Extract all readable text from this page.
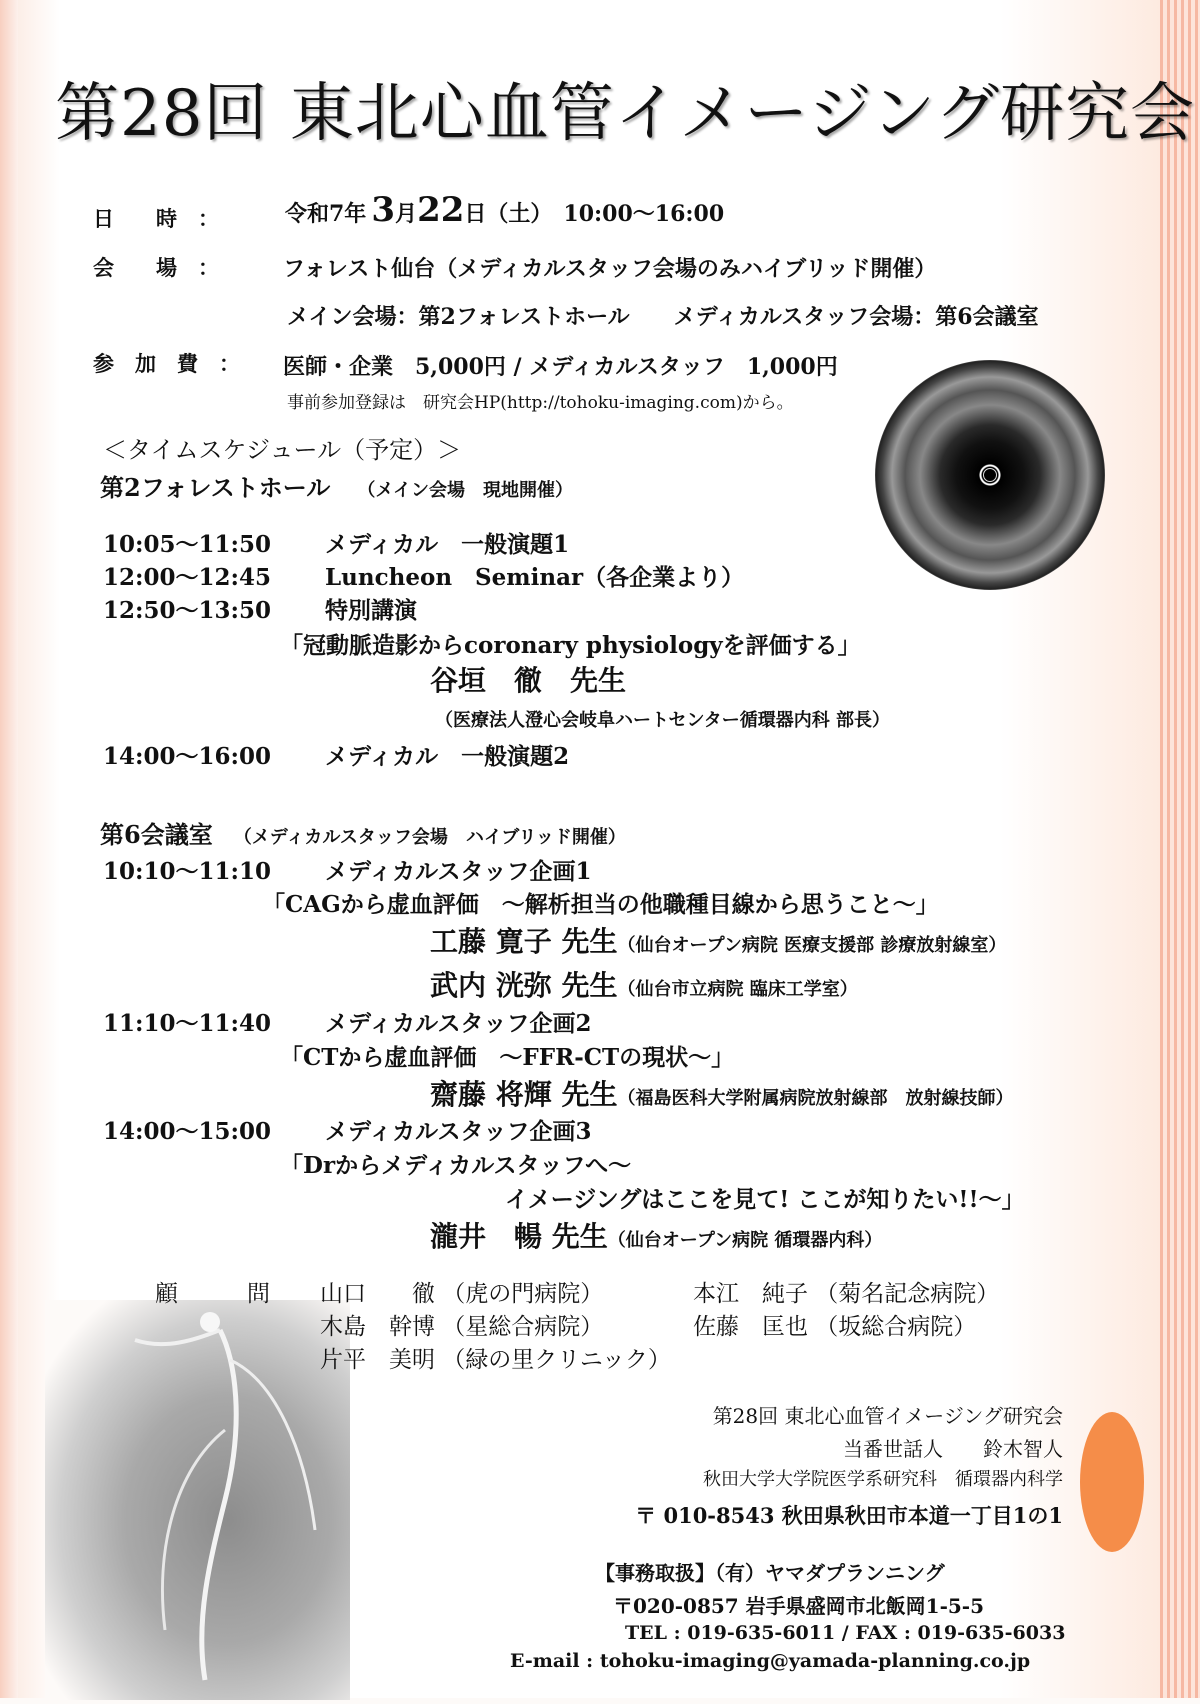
第28回 東北心血管イメージング研究会
日　　時　：	令和7年 3月22日（土）　10:00～16:00
会　　場　：	フォレスト仙台（メディカルスタッフ会場のみハイブリッド開催）
メイン会場：第2フォレストホール　　メディカルスタッフ会場：第6会議室
参　加　費　： 医師・企業　5,000円 / メディカルスタッフ　1,000円
事前参加登録は　研究会HP(http://tohoku-imaging.com)から。
＜タイムスケジュール（予定）＞
第2フォレストホール （メイン会場　現地開催）
10:05～11:50 メディカル　一般演題1
12:00～12:45 Luncheon　Seminar（各企業より）
12:50～13:50 特別講演
「冠動脈造影からcoronary physiologyを評価する」
谷垣　徹　先生
（医療法人澄心会岐阜ハートセンター循環器内科 部長）
14:00～16:00 メディカル　一般演題2
第6会議室 （メディカルスタッフ会場　ハイブリッド開催）
10:10～11:10 メディカルスタッフ企画1
「CAGから虚血評価　～解析担当の他職種目線から思うこと～」
工藤 寛子 先生（仙台オープン病院 医療支援部 診療放射線室）
武内 洸弥 先生（仙台市立病院 臨床工学室）
11:10～11:40 メディカルスタッフ企画2
「CTから虚血評価　～FFR-CTの現状～」
齋藤 将輝 先生（福島医科大学附属病院放射線部　放射線技師）
14:00～15:00 メディカルスタッフ企画3
「Drからメディカルスタッフへ～
イメージングはここを見て! ここが知りたい!!～」
瀧井　暢 先生（仙台オープン病院 循環器内科）
顧　　　問 山口　　徹 （虎の門病院）	本江　純子 （菊名記念病院）
木島　幹博 （星総合病院）	佐藤　匡也 （坂総合病院）
片平　美明 （緑の里クリニック）
第28回 東北心血管イメージング研究会
当番世話人　　鈴木智人
秋田大学大学院医学系研究科　循環器内科学
〒 010-8543 秋田県秋田市本道一丁目1の1
【事務取扱】（有）ヤマダプランニング
〒020-0857 岩手県盛岡市北飯岡1-5-5
TEL : 019-635-6011 / FAX : 019-635-6033
E-mail : tohoku-imaging@yamada-planning.co.jp
